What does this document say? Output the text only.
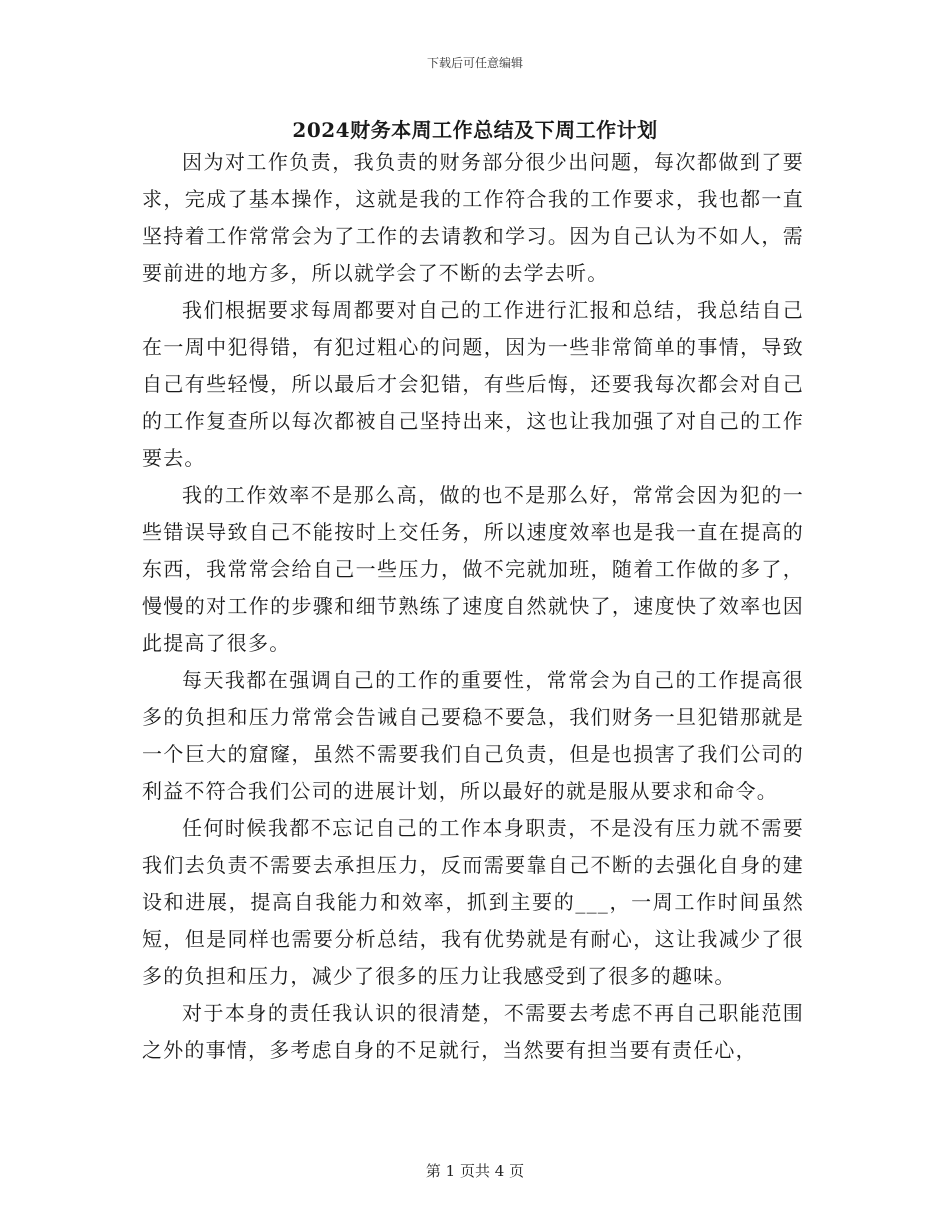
下载后可任意编辑
2024财务本周工作总结及下周工作计划

因为对工作负责，我负责的财务部分很少出问题，每次都做到了要求，完成了基本操作，这就是我的工作符合我的工作要求，我也都一直坚持着工作常常会为了工作的去请教和学习。因为自己认为不如人，需要前进的地方多，所以就学会了不断的去学去听。

我们根据要求每周都要对自己的工作进行汇报和总结，我总结自己在一周中犯得错，有犯过粗心的问题，因为一些非常简单的事情，导致自己有些轻慢，所以最后才会犯错，有些后悔，还要我每次都会对自己的工作复查所以每次都被自己坚持出来，这也让我加强了对自己的工作要去。

我的工作效率不是那么高，做的也不是那么好，常常会因为犯的一些错误导致自己不能按时上交任务，所以速度效率也是我一直在提高的东西，我常常会给自己一些压力，做不完就加班，随着工作做的多了，慢慢的对工作的步骤和细节熟练了速度自然就快了，速度快了效率也因此提高了很多。

每天我都在强调自己的工作的重要性，常常会为自己的工作提高很多的负担和压力常常会告诫自己要稳不要急，我们财务一旦犯错那就是一个巨大的窟窿，虽然不需要我们自己负责，但是也损害了我们公司的利益不符合我们公司的进展计划，所以最好的就是服从要求和命令。

任何时候我都不忘记自己的工作本身职责，不是没有压力就不需要我们去负责不需要去承担压力，反而需要靠自己不断的去强化自身的建设和进展，提高自我能力和效率，抓到主要的___，一周工作时间虽然短，但是同样也需要分析总结，我有优势就是有耐心，这让我减少了很多的负担和压力，减少了很多的压力让我感受到了很多的趣味。

对于本身的责任我认识的很清楚，不需要去考虑不再自己职能范围之外的事情，多考虑自身的不足就行，当然要有担当要有责任心，

第 1 页共 4 页
